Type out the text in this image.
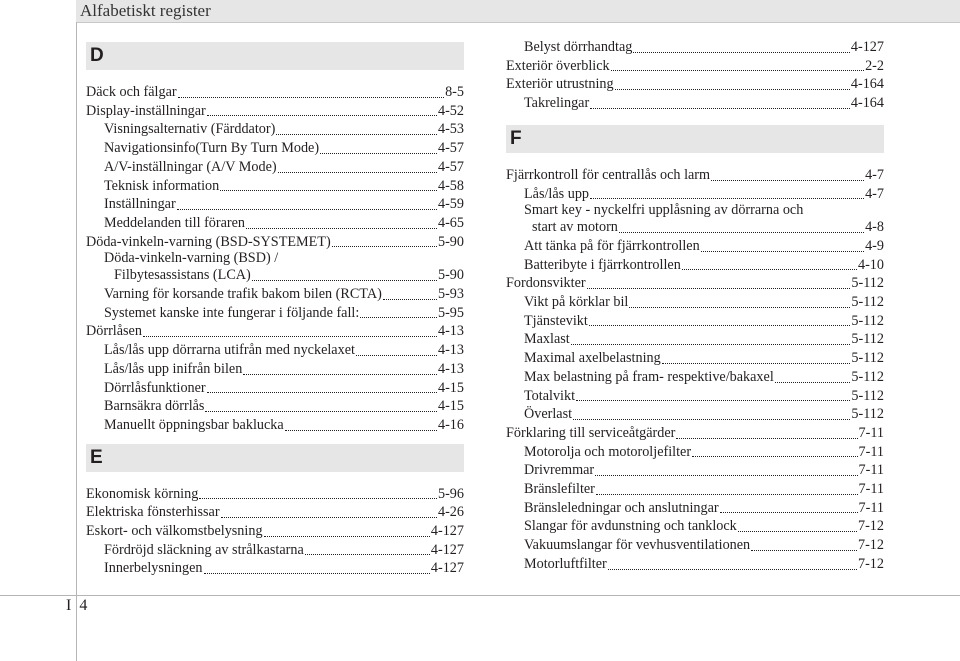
Alfabetiskt register
I 4
D
Däck och fälgar	8-5
Display-inställningar	4-52
Visningsalternativ (Färddator)	4-53
Navigationsinfo(Turn By Turn Mode)	4-57
A/V-inställningar (A/V Mode)	4-57
Teknisk information	4-58
Inställningar	4-59
Meddelanden till föraren	4-65
Döda-vinkeln-varning (BSD-SYSTEMET)	5-90
Döda-vinkeln-varning (BSD) /
Filbytesassistans (LCA)	5-90
Varning för korsande trafik bakom bilen (RCTA)	5-93
Systemet kanske inte fungerar i följande fall:	5-95
Dörrlåsen	4-13
Lås/lås upp dörrarna utifrån med nyckelaxet	4-13
Lås/lås upp inifrån bilen	4-13
Dörrlåsfunktioner	4-15
Barnsäkra dörrlås	4-15
Manuellt öppningsbar baklucka	4-16
E
Ekonomisk körning	5-96
Elektriska fönsterhissar	4-26
Eskort- och välkomstbelysning	4-127
Fördröjd släckning av strålkastarna	4-127
Innerbelysningen	4-127
Belyst dörrhandtag	4-127
Exteriör överblick	2-2
Exteriör utrustning	4-164
Takrelingar	4-164
F
Fjärrkontroll för centrallås och larm	4-7
Lås/lås upp	4-7
Smart key - nyckelfri upplåsning av dörrarna och
start av motorn	4-8
Att tänka på för fjärrkontrollen	4-9
Batteribyte i fjärrkontrollen	4-10
Fordonsvikter	5-112
Vikt på körklar bil	5-112
Tjänstevikt	5-112
Maxlast	5-112
Maximal axelbelastning	5-112
Max belastning på fram- respektive/bakaxel	5-112
Totalvikt	5-112
Överlast	5-112
Förklaring till serviceåtgärder	7-11
Motorolja och motoroljefilter	7-11
Drivremmar	7-11
Bränslefilter	7-11
Bränsleledningar och anslutningar	7-11
Slangar för avdunstning och tanklock	7-12
Vakuumslangar för vevhusventilationen	7-12
Motorluftfilter	7-12
